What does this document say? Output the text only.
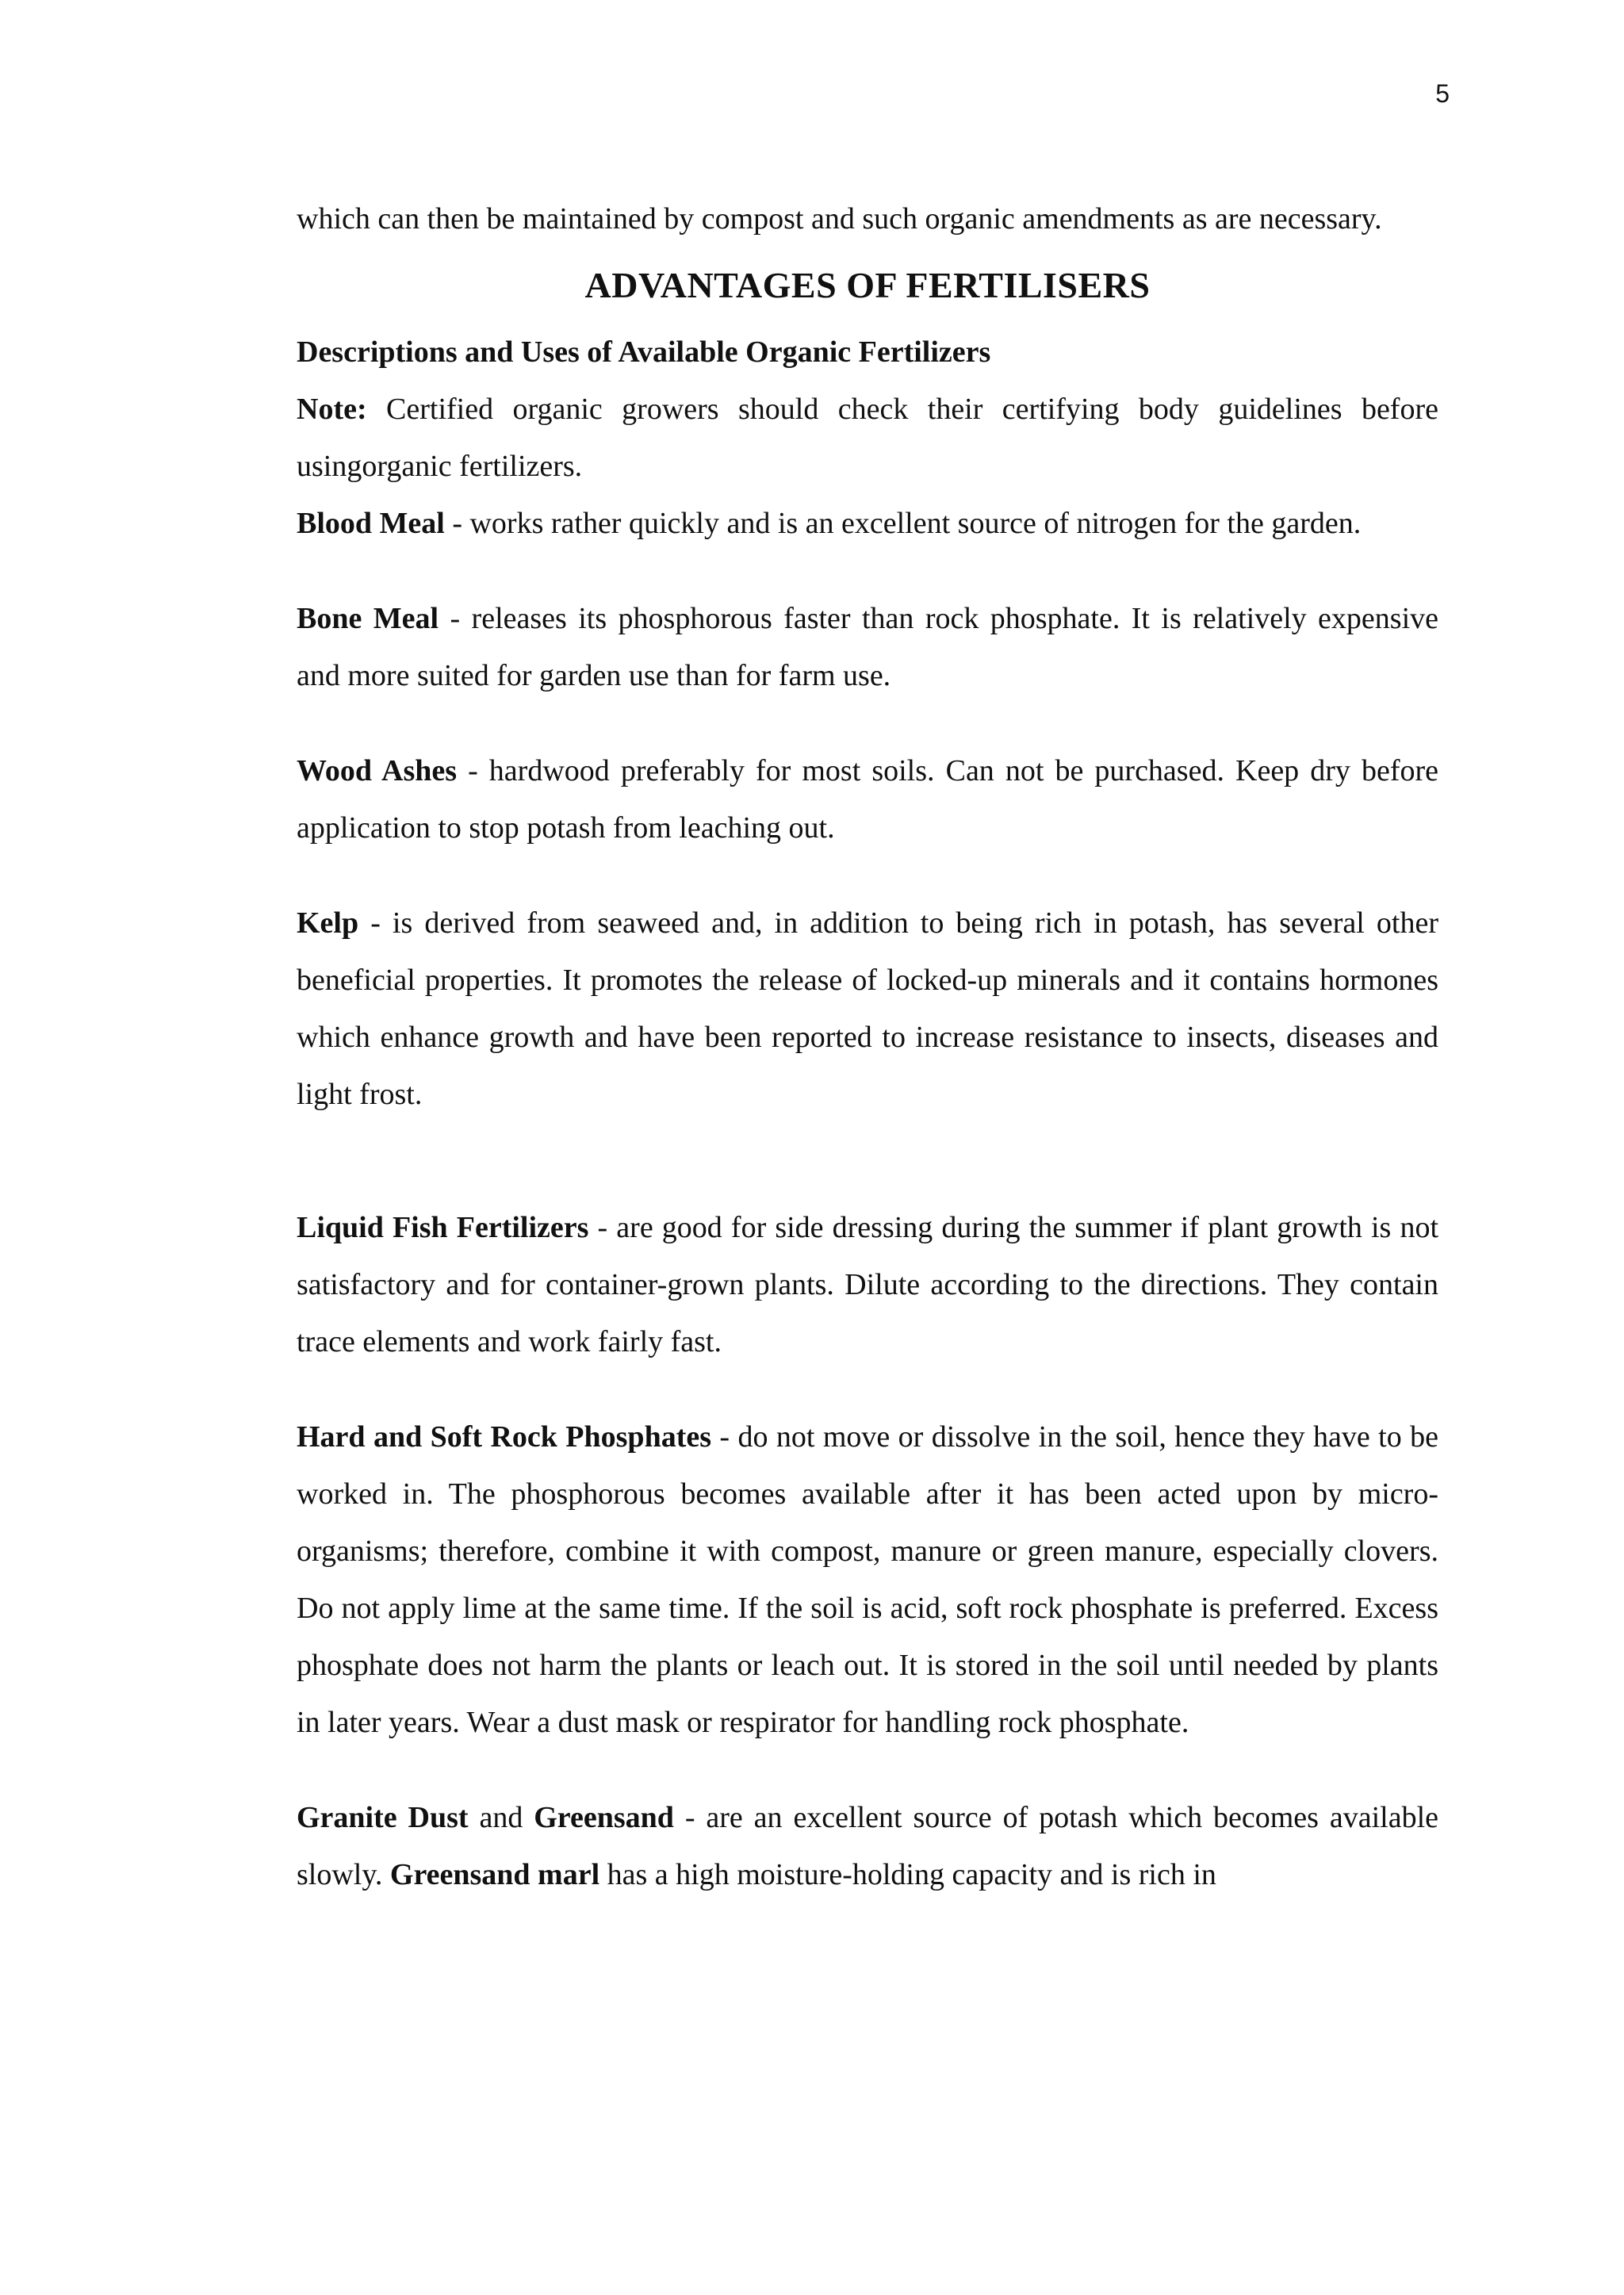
5

which can then be maintained by compost and such organic amendments as are necessary.

ADVANTAGES OF FERTILISERS

Descriptions and Uses of Available Organic Fertilizers

Note: Certified organic growers should check their certifying body guidelines before usingorganic fertilizers.

Blood Meal - works rather quickly and is an excellent source of nitrogen for the garden.

Bone Meal - releases its phosphorous faster than rock phosphate. It is relatively expensive and more suited for garden use than for farm use.

Wood Ashes - hardwood preferably for most soils. Can not be purchased. Keep dry before application to stop potash from leaching out.

Kelp - is derived from seaweed and, in addition to being rich in potash, has several other beneficial properties. It promotes the release of locked-up minerals and it contains hormones which enhance growth and have been reported to increase resistance to insects, diseases and light frost.

Liquid Fish Fertilizers - are good for side dressing during the summer if plant growth is not satisfactory and for container-grown plants. Dilute according to the directions. They contain trace elements and work fairly fast.

Hard and Soft Rock Phosphates - do not move or dissolve in the soil, hence they have to be worked in. The phosphorous becomes available after it has been acted upon by micro-organisms; therefore, combine it with compost, manure or green manure, especially clovers. Do not apply lime at the same time. If the soil is acid, soft rock phosphate is preferred. Excess phosphate does not harm the plants or leach out. It is stored in the soil until needed by plants in later years. Wear a dust mask or respirator for handling rock phosphate.

Granite Dust and Greensand - are an excellent source of potash which becomes available slowly. Greensand marl has a high moisture-holding capacity and is rich in
